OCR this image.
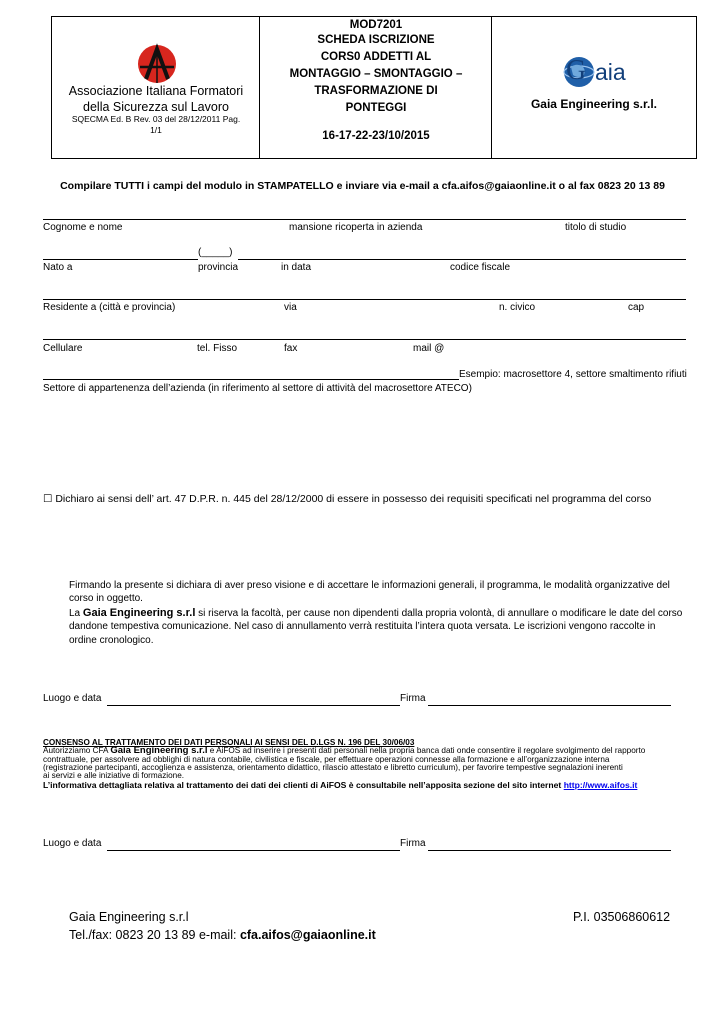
Associazione Italiana Formatori
della Sicurezza sul Lavoro
SQECMA Ed. B Rev. 03 del 28/12/2011 Pag.
1/1
MOD7201
SCHEDA ISCRIZIONE
CORS0 ADDETTI AL
MONTAGGIO – SMONTAGGIO –
TRASFORMAZIONE DI
PONTEGGI
16-17-22-23/10/2015
G aia
Gaia Engineering s.r.l.
Compilare TUTTI i campi del modulo in STAMPATELLO e inviare via e-mail a cfa.aifos@gaiaonline.it o al fax 0823 20 13 89
Cognome e nome	mansione ricoperta in azienda	titolo di studio
(_____)
Nato a	provincia	in data	codice fiscale
Residente a (città e provincia)	via	n. civico	cap
Cellulare	tel. Fisso	fax	mail @
Esempio: macrosettore 4, settore smaltimento rifiuti
Settore di appartenenza dell’azienda (in riferimento al settore di attività del macrosettore ATECO)
☐ Dichiaro ai sensi dell’ art. 47 D.P.R. n. 445 del 28/12/2000 di essere in possesso dei requisiti specificati nel programma del corso
Firmando la presente si dichiara di aver preso visione e di accettare le informazioni generali, il programma, le modalità organizzative del
corso in oggetto.
La Gaia Engineering s.r.l si riserva la facoltà, per cause non dipendenti dalla propria volontà, di annullare o modificare le date del corso
dandone tempestiva comunicazione. Nel caso di annullamento verrà restituita l’intera quota versata. Le iscrizioni vengono raccolte in
ordine cronologico.
Luogo e data	Firma
CONSENSO AL TRATTAMENTO DEI DATI PERSONALI AI SENSI DEL D.LGS N. 196 DEL 30/06/03
Autorizziamo CFA Gaia Engineering s.r.l e AiFOS ad inserire i presenti dati personali nella propria banca dati onde consentire il regolare svolgimento del rapporto
contrattuale, per assolvere ad obblighi di natura contabile, civilistica e fiscale, per effettuare operazioni connesse alla formazione e all’organizzazione interna
(registrazione partecipanti, accoglienza e assistenza, orientamento didattico, rilascio attestato e libretto curriculum), per favorire tempestive segnalazioni inerenti
ai servizi e alle iniziative di formazione.
L’informativa dettagliata relativa al trattamento dei dati dei clienti di AiFOS è consultabile nell’apposita sezione del sito internet http://www.aifos.it
Luogo e data	Firma
Gaia Engineering s.r.l	P.I. 03506860612
Tel./fax: 0823 20 13 89 e-mail: cfa.aifos@gaiaonline.it
